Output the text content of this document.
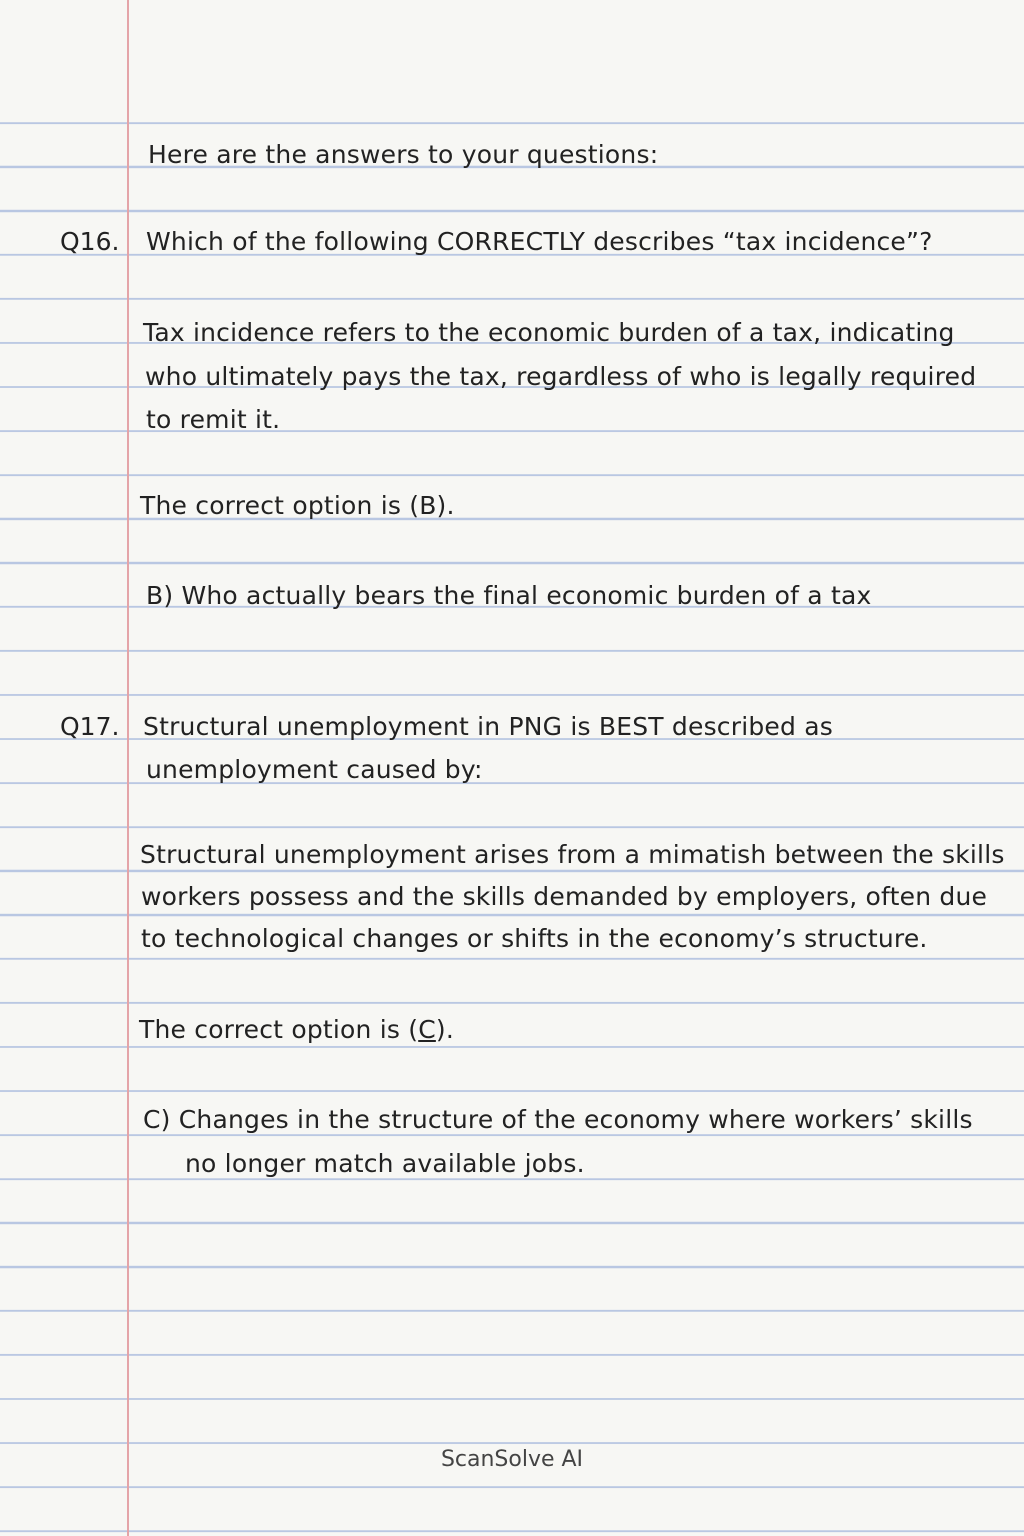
Here are the answers to your questions:
Q16. Which of the following CORRECTLY describes “tax incidence”?
Tax incidence refers to the economic burden of a tax, indicating
who ultimately pays the tax, regardless of who is legally required
to remit it.
The correct option is (B).
B) Who actually bears the final economic burden of a tax
Q17. Structural unemployment in PNG is BEST described as
unemployment caused by:
Structural unemployment arises from a mimatish between the skills
workers possess and the skills demanded by employers, often due
to technological changes or shifts in the economy’s structure.
The correct option is (C).
C) Changes in the structure of the economy where workers’ skills
no longer match available jobs.
ScanSolve AI
